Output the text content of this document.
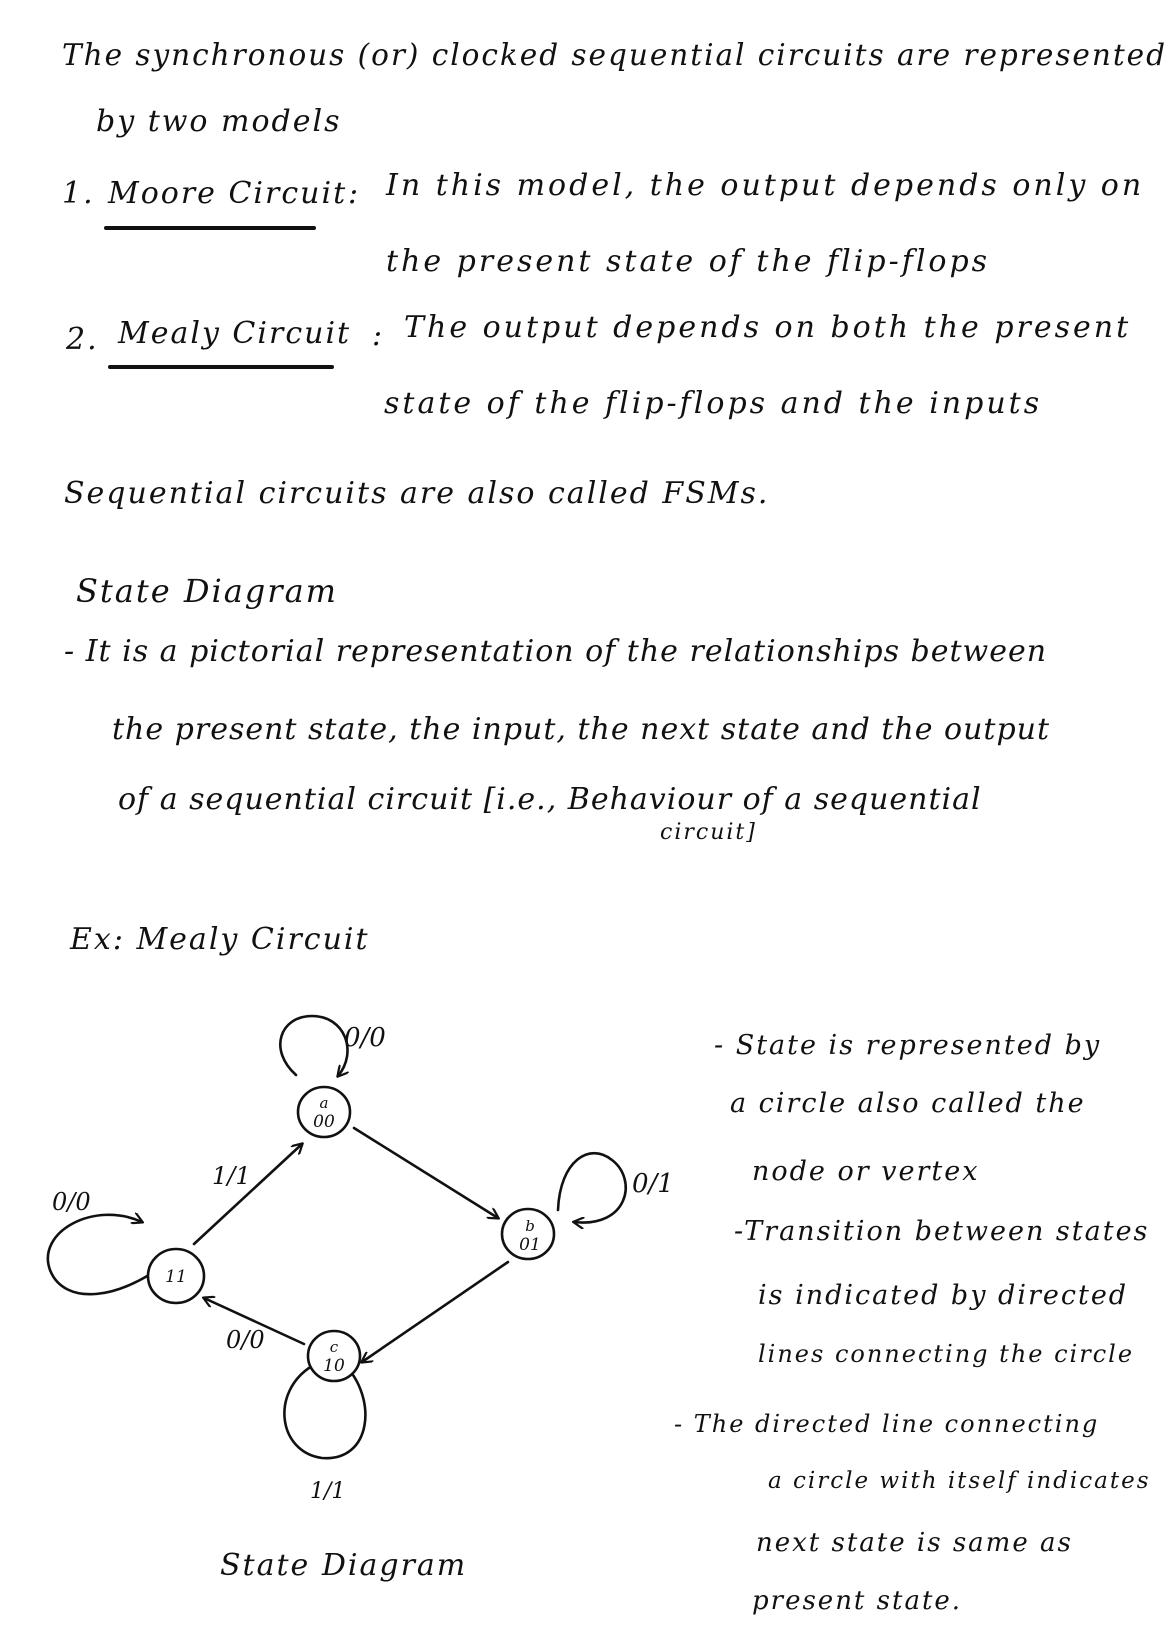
The synchronous (or) clocked sequential circuits are represented
by two models
1. Moore Circuit : In this model, the output depends only on
the present state of the flip-flops
2. Mealy Circuit : The output depends on both the present
state of the flip-flops and the inputs
Sequential circuits are also called FSMs.
State Diagram
- It is a pictorial representation of the relationships between
the present state, the input, the next state and the output
of a sequential circuit [i.e., Behaviour of a sequential
circuit]
Ex: Mealy Circuit
a
00
b
01
c
10
11
0/0
0/1
0/0
1/1
0/0
1/1
State Diagram
- State is represented by
a circle also called the
node or vertex
-Transition between states
is indicated by directed
lines connecting the circle
- The directed line connecting
a circle with itself indicates
next state is same as
present state.
